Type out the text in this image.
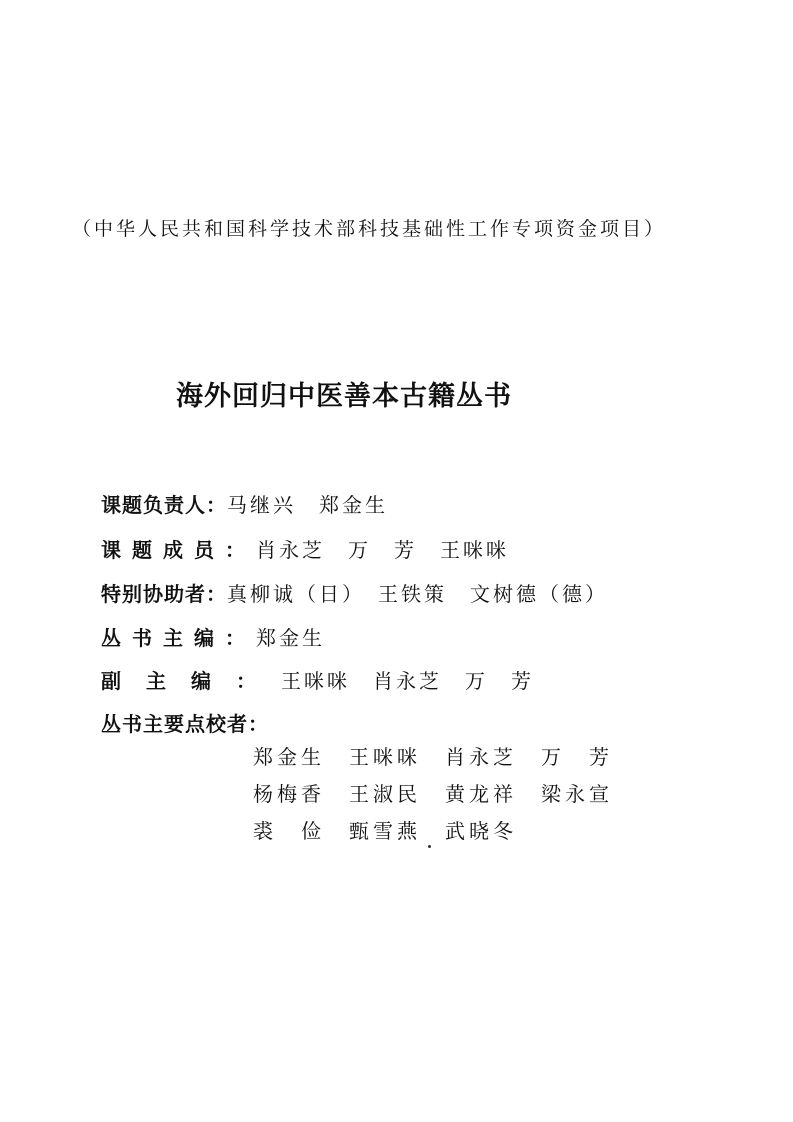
（中华人民共和国科学技术部科技基础性工作专项资金项目）
海外回归中医善本古籍丛书
课题负责人：马继兴　郑金生
课题成员：肖永芝　万　芳　王咪咪
特别协助者：真柳诚（日）　王铁策　文树德（德）
丛书主编：郑金生
副主编：王咪咪　肖永芝　万　芳
丛书主要点校者：
郑金生　王咪咪　肖永芝　万　芳
杨梅香　王淑民　黄龙祥　梁永宣
裘　俭　甄雪燕　武晓冬
